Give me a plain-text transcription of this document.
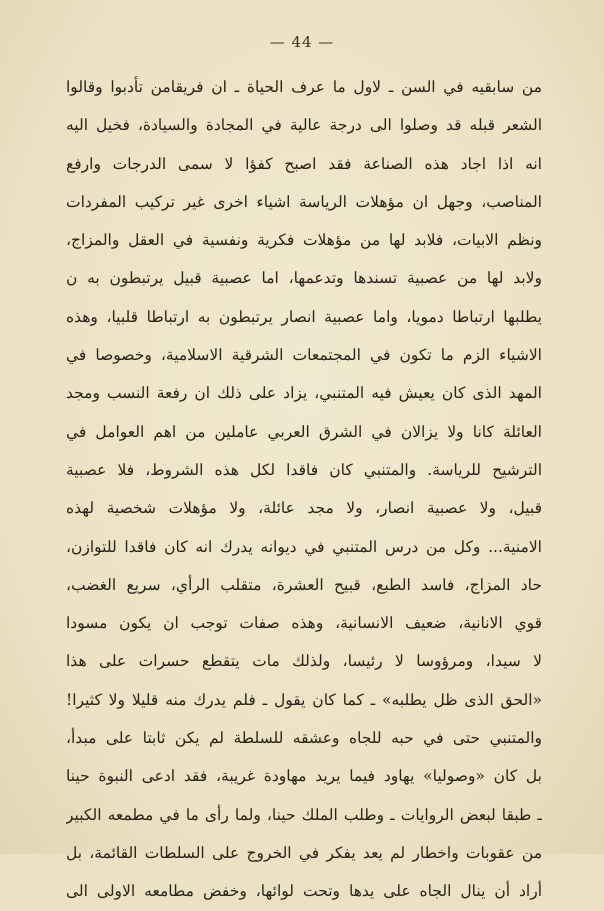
— 44 —
من سابقيه في السن ـ لاول ما عرف الحياة ـ ان فريقامن تأدبوا وقالوا
الشعر قبله قد وصلوا الى درجة عالية في المجادة والسيادة، فخيل اليه
انه اذا اجاد هذه الصناعة فقد اصبح كفؤا لا سمى الدرجات وارفع
المناصب، وجهل ان مؤهلات الرياسة اشياء اخرى غير تركيب المفردات
ونظم الابيات، فلابد لها من مؤهلات فكرية ونفسية في العقل والمزاج،
ولابد لها من عصبية تسندها وتدعمها، اما عصبية قبيل يرتبطون به ن
يطلبها ارتباطا دمويا، واما عصبية انصار يرتبطون به ارتباطا قلبيا، وهذه
الاشياء الزم ما تكون في المجتمعات الشرقية الاسلامية، وخصوصا في
المهد الذى كان يعيش فيه المتنبي، يزاد على ذلك ان رفعة النسب ومجد
العائلة كانا ولا يزالان في الشرق العربي عاملين من اهم العوامل في
الترشيح للرياسة. والمتنبي كان فاقدا لكل هذه الشروط، فلا عصبية
قبيل، ولا عصبية انصار، ولا مجد عائلة، ولا مؤهلات شخصية لهذه
الامنية... وكل من درس المتنبي في ديوانه يدرك انه كان فاقدا للتوازن،
حاد المزاج، فاسد الطبع، قبيح العشرة، متقلب الرأي، سريع الغضب،
قوي الانانية، ضعيف الانسانية، وهذه صفات توجب ان يكون مسودا
لا سيدا، ومرؤوسا لا رئيسا، ولذلك مات يتقطع حسرات على هذا
«الحق الذى ظل يطلبه» ـ كما كان يقول ـ فلم يدرك منه قليلا ولا كثيرا!
والمتنبي حتى في حبه للجاه وعشقه للسلطة لم يكن ثابتا على مبدأ،
بل كان «وصوليا» يهاود فيما يريد مهاودة غريبة، فقد ادعى النبوة حينا
ـ طبقا لبعض الروايات ـ وطلب الملك حينا، ولما رأى ما في مطمعه الكبير
من عقوبات واخطار لم يعد يفكر في الخروج على السلطات القائمة، بل
أراد أن ينال الجاه على يدها وتحت لوائها، وخفض مطامعه الاولى الى
